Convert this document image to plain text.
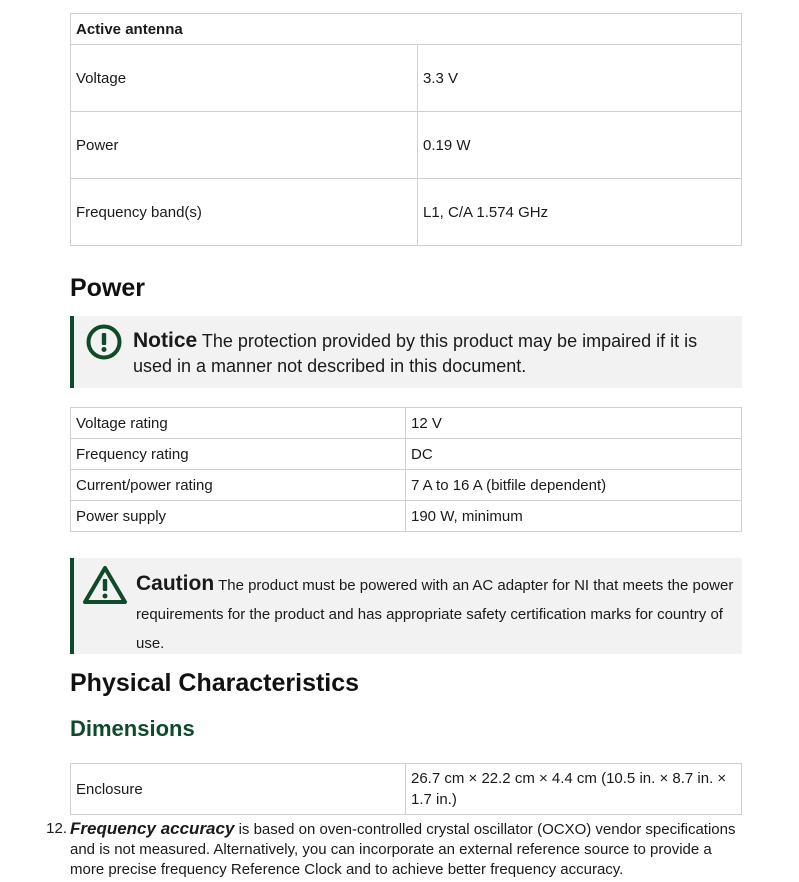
Active antenna	
Voltage	3.3 V
Power	0.19 W
Frequency band(s)	L1, C/A 1.574 GHz
Power
Notice The protection provided by this product may be impaired if it is used in a manner not described in this document.
Voltage rating	12 V
Frequency rating	DC
Current/power rating	7 A to 16 A (bitfile dependent)
Power supply	190 W, minimum
Caution The product must be powered with an AC adapter for NI that meets the power requirements for the product and has appropriate safety certification marks for country of use.
Physical Characteristics
Dimensions
Enclosure	26.7 cm × 22.2 cm × 4.4 cm (10.5 in. × 8.7 in. × 1.7 in.)
12. Frequency accuracy is based on oven-controlled crystal oscillator (OCXO) vendor specifications and is not measured. Alternatively, you can incorporate an external reference source to provide a more precise frequency Reference Clock and to achieve better frequency accuracy.
